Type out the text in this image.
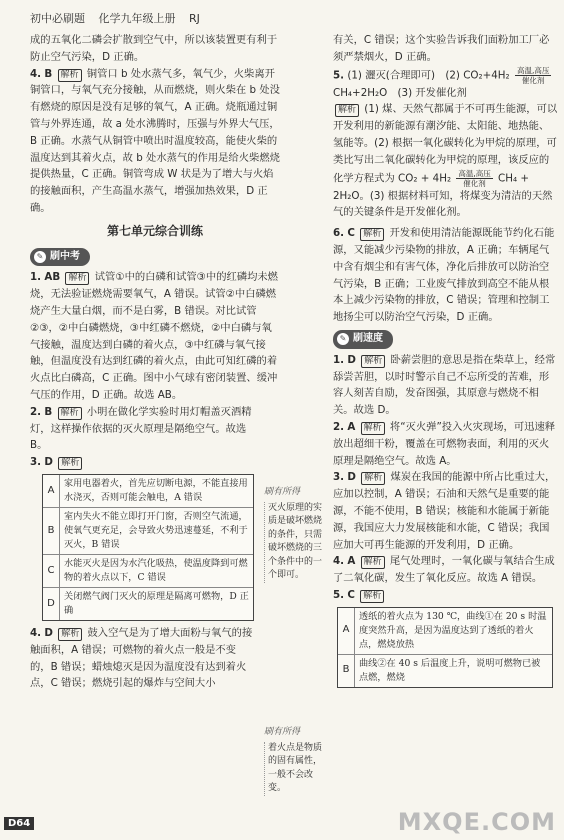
初中必刷题 化学九年级上册 RJ

成的五氧化二磷会扩散到空气中，所以该装置更有利于防止空气污染，D 正确。

4. B 解析 铜管口 b 处水蒸气多，氧气少，火柴离开铜管口，与氧气充分接触，从而燃烧，则火柴在 b 处没有燃烧的原因是没有足够的氧气，A 正确。烧瓶通过铜管与外界连通，故 a 处水沸腾时，压强与外界大气压，B 正确。水蒸气从铜管中喷出时温度较高，能使火柴的温度达到其着火点，故 b 处水蒸气的作用是给火柴燃烧提供热量，C 正确。铜管弯成 W 状是为了增大与火焰的接触面积，产生高温水蒸气，增强加热效果，D 正确。

第七单元综合训练
✎ 刷中考

1. AB 解析 试管①中的白磷和试管③中的红磷均未燃烧，无法验证燃烧需要氧气，A 错误。试管②中白磷燃烧产生大量白烟，而不是白雾，B 错误。对比试管②③，②中白磷燃烧，③中红磷不燃烧，②中白磷与氧气接触，温度达到白磷的着火点，③中红磷与氧气接触，但温度没有达到红磷的着火点，由此可知红磷的着火点比白磷高，C 正确。图中小气球有密闭装置、缓冲气压的作用，D 正确。故选 AB。

2. B 解析 小明在做化学实验时用灯帽盖灭酒精灯，这样操作依据的灭火原理是隔绝空气。故选 B。

3. D 解析

A
家用电器着火，首先应切断电源，不能直接用水浇灭，否则可能会触电，A 错误
B
室内失火不能立即打开门窗，否则空气流通，使氧气更充足，会导致火势迅速蔓延，不利于灭火，B 错误
C
水能灭火是因为水汽化吸热，使温度降到可燃物的着火点以下，C 错误
D
关闭燃气阀门灭火的原理是隔离可燃物，D 正确

4. D 解析 鼓入空气是为了增大面粉与氧气的接触面积，A 错误；可燃物的着火点一般是不变的，B 错误；蜡烛熄灭是因为温度没有达到着火点，C 错误；燃烧引起的爆炸与空间大小

刷有所得
灭火原理的实质是破坏燃烧的条件，只需破坏燃烧的三个条件中的一个即可。
刷有所得
着火点是物质的固有属性，一般不会改变。

有关，C 错误；这个实验告诉我们面粉加工厂必须严禁烟火，D 正确。

5. (1) 灑灭(合理即可)　(2) $CO_2+4H_2 \frac{\text{高温,高压}}{\text{催化剂}} CH_4+2H_2O$　(3) 开发催化剂

解析 (1) 煤、天然气都属于不可再生能源，可以开发利用的新能源有潮汐能、太阳能、地热能、氢能等。(2) 根据一氧化碳转化为甲烷的原理，可类比写出二氧化碳转化为甲烷的原理，该反应的化学方程式为 $CO_2 + 4H_2 \frac{\text{高温,高压}}{\text{催化剂}} CH_4 + 2H_2O$。(3) 根据材料可知，将煤变为清洁的天然气的关键条件是开发催化剂。

6. C 解析 开发和使用清洁能源既能节约化石能源，又能减少污染物的排放，A 正确；车辆尾气中含有烟尘和有害气体，净化后排放可以防治空气污染，B 正确；工业废气排放到高空不能从根本上减少污染物的排放，C 错误；管理和控制工地扬尘可以防治空气污染，D 正确。

✎ 刷速度

1. D 解析 卧薪尝胆的意思是指在柴草上，经常舔尝苦胆，以时时警示自己不忘所受的苦难，形容人刻苦自励，发奋图强，其原意与燃烧不相关。故选 D。

2. A 解析 将“灭火弹”投入火灾现场，可迅速释放出超细干粉，覆盖在可燃物表面，利用的灭火原理是隔绝空气。故选 A。

3. D 解析 煤炭在我国的能源中所占比重过大，应加以控制，A 错误；石油和天然气是重要的能源，不能不使用，B 错误；核能和水能属于新能源，我国应大力发展核能和水能，C 错误；我国应加大可再生能源的开发利用，D 正确。

4. A 解析 尾气处理时，一氧化碳与氧结合生成了二氧化碳，发生了氧化反应。故选 A 错误。

5. C 解析

A
透纸的着火点为 130 ℃，曲线①在 20 s 时温度突然升高，是因为温度达到了透纸的着火点，燃烧放热
B
曲线②在 40 s 后温度上升，说明可燃物已被点燃，燃烧
D64	MXQE.COM
